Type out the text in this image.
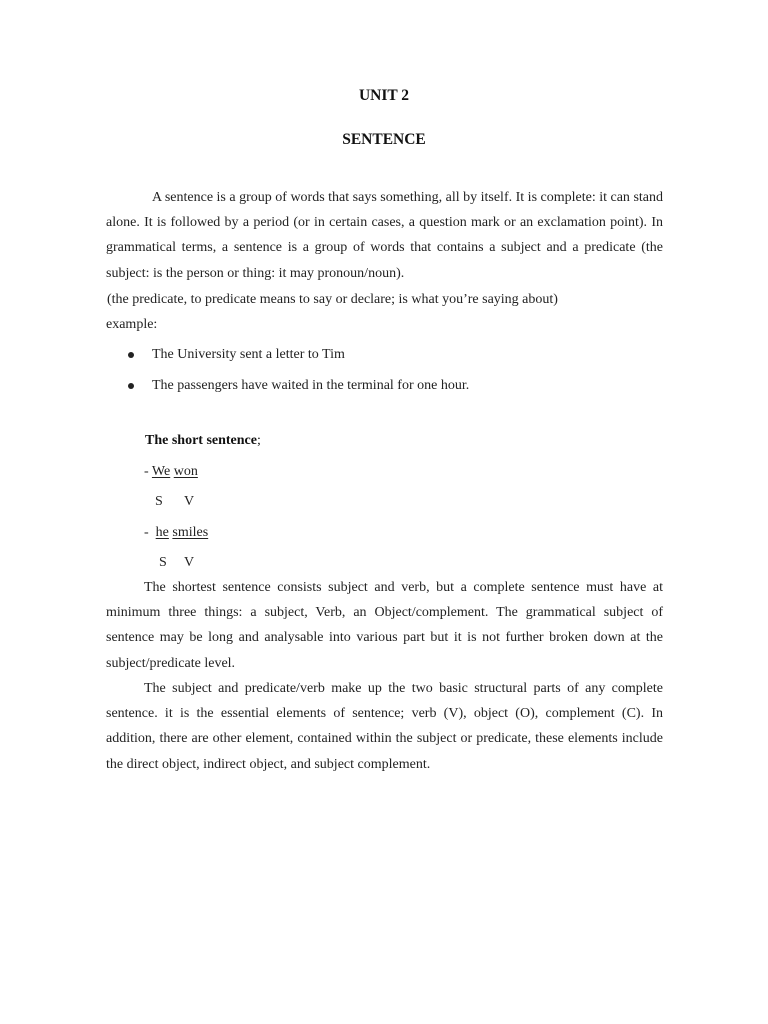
UNIT 2
SENTENCE

A sentence is a group of words that says something, all by itself. It is complete: it can stand alone. It is followed by a period (or in certain cases, a question mark or an exclamation point). In grammatical terms, a sentence is a group of words that contains a subject and a predicate (the subject: is the person or thing: it may pronoun/noun).

(the predicate, to predicate means to say or declare; is what you’re saying about)
example:
The University sent a letter to Tim
The passengers have waited in the terminal for one hour.
The short sentence;
- We won
S V
-  he smiles
S V

The shortest sentence consists subject and verb, but a complete sentence must have at minimum three things: a subject, Verb, an Object/complement. The grammatical subject of sentence may be long and analysable into various part but it is not further broken down at the subject/predicate level.

The subject and predicate/verb make up the two basic structural parts of any complete sentence. it is the essential elements of sentence; verb (V), object (O), complement (C). In addition, there are other element, contained within the subject or predicate, these elements include the direct object, indirect object, and subject complement.
